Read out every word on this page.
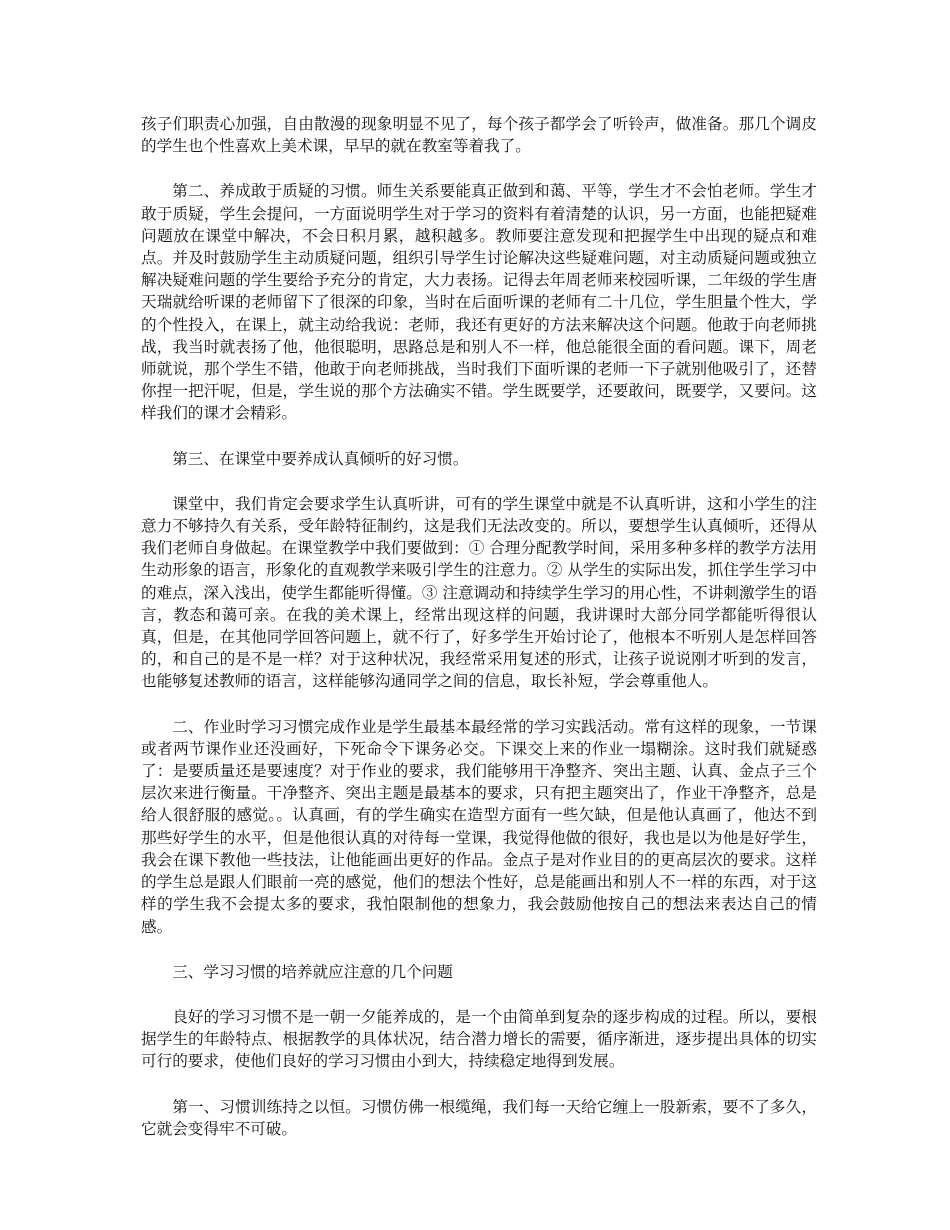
孩子们职责心加强，自由散漫的现象明显不见了，每个孩子都学会了听铃声，做准备。那几个调皮的学生也个性喜欢上美术课，早早的就在教室等着我了。

第二、养成敢于质疑的习惯。师生关系要能真正做到和蔼、平等，学生才不会怕老师。学生才敢于质疑，学生会提问，一方面说明学生对于学习的资料有着清楚的认识，另一方面，也能把疑难问题放在课堂中解决，不会日积月累，越积越多。教师要注意发现和把握学生中出现的疑点和难点。并及时鼓励学生主动质疑问题，组织引导学生讨论解决这些疑难问题，对主动质疑问题或独立解决疑难问题的学生要给予充分的肯定，大力表扬。记得去年周老师来校园听课，二年级的学生唐天瑞就给听课的老师留下了很深的印象，当时在后面听课的老师有二十几位，学生胆量个性大，学的个性投入，在课上，就主动给我说：老师，我还有更好的方法来解决这个问题。他敢于向老师挑战，我当时就表扬了他，他很聪明，思路总是和别人不一样，他总能很全面的看问题。课下，周老师就说，那个学生不错，他敢于向老师挑战，当时我们下面听课的老师一下子就别他吸引了，还替你捏一把汗呢，但是，学生说的那个方法确实不错。学生既要学，还要敢问，既要学，又要问。这样我们的课才会精彩。

第三、在课堂中要养成认真倾听的好习惯。

课堂中，我们肯定会要求学生认真听讲，可有的学生课堂中就是不认真听讲，这和小学生的注意力不够持久有关系，受年龄特征制约，这是我们无法改变的。所以，要想学生认真倾听，还得从我们老师自身做起。在课堂教学中我们要做到：① 合理分配教学时间，采用多种多样的教学方法用生动形象的语言，形象化的直观教学来吸引学生的注意力。② 从学生的实际出发，抓住学生学习中的难点，深入浅出，使学生都能听得懂。③ 注意调动和持续学生学习的用心性，不讲刺激学生的语言，教态和蔼可亲。在我的美术课上，经常出现这样的问题，我讲课时大部分同学都能听得很认真，但是，在其他同学回答问题上，就不行了，好多学生开始讨论了，他根本不听别人是怎样回答的，和自己的是不是一样？对于这种状况，我经常采用复述的形式，让孩子说说刚才听到的发言，也能够复述教师的语言，这样能够沟通同学之间的信息，取长补短，学会尊重他人。

二、作业时学习习惯完成作业是学生最基本最经常的学习实践活动。常有这样的现象，一节课或者两节课作业还没画好，下死命令下课务必交。下课交上来的作业一塌糊涂。这时我们就疑惑了：是要质量还是要速度？对于作业的要求，我们能够用干净整齐、突出主题、认真、金点子三个层次来进行衡量。干净整齐、突出主题是最基本的要求，只有把主题突出了，作业干净整齐，总是给人很舒服的感觉。。认真画，有的学生确实在造型方面有一些欠缺，但是他认真画了，他达不到那些好学生的水平，但是他很认真的对待每一堂课，我觉得他做的很好，我也是以为他是好学生，我会在课下教他一些技法，让他能画出更好的作品。金点子是对作业目的的更高层次的要求。这样的学生总是跟人们眼前一亮的感觉，他们的想法个性好，总是能画出和别人不一样的东西，对于这样的学生我不会提太多的要求，我怕限制他的想象力，我会鼓励他按自己的想法来表达自己的情感。

三、学习习惯的培养就应注意的几个问题

良好的学习习惯不是一朝一夕能养成的，是一个由简单到复杂的逐步构成的过程。所以，要根据学生的年龄特点、根据教学的具体状况，结合潜力增长的需要，循序渐进，逐步提出具体的切实可行的要求，使他们良好的学习习惯由小到大，持续稳定地得到发展。

第一、习惯训练持之以恒。习惯仿佛一根缆绳，我们每一天给它缠上一股新索，要不了多久，它就会变得牢不可破。
